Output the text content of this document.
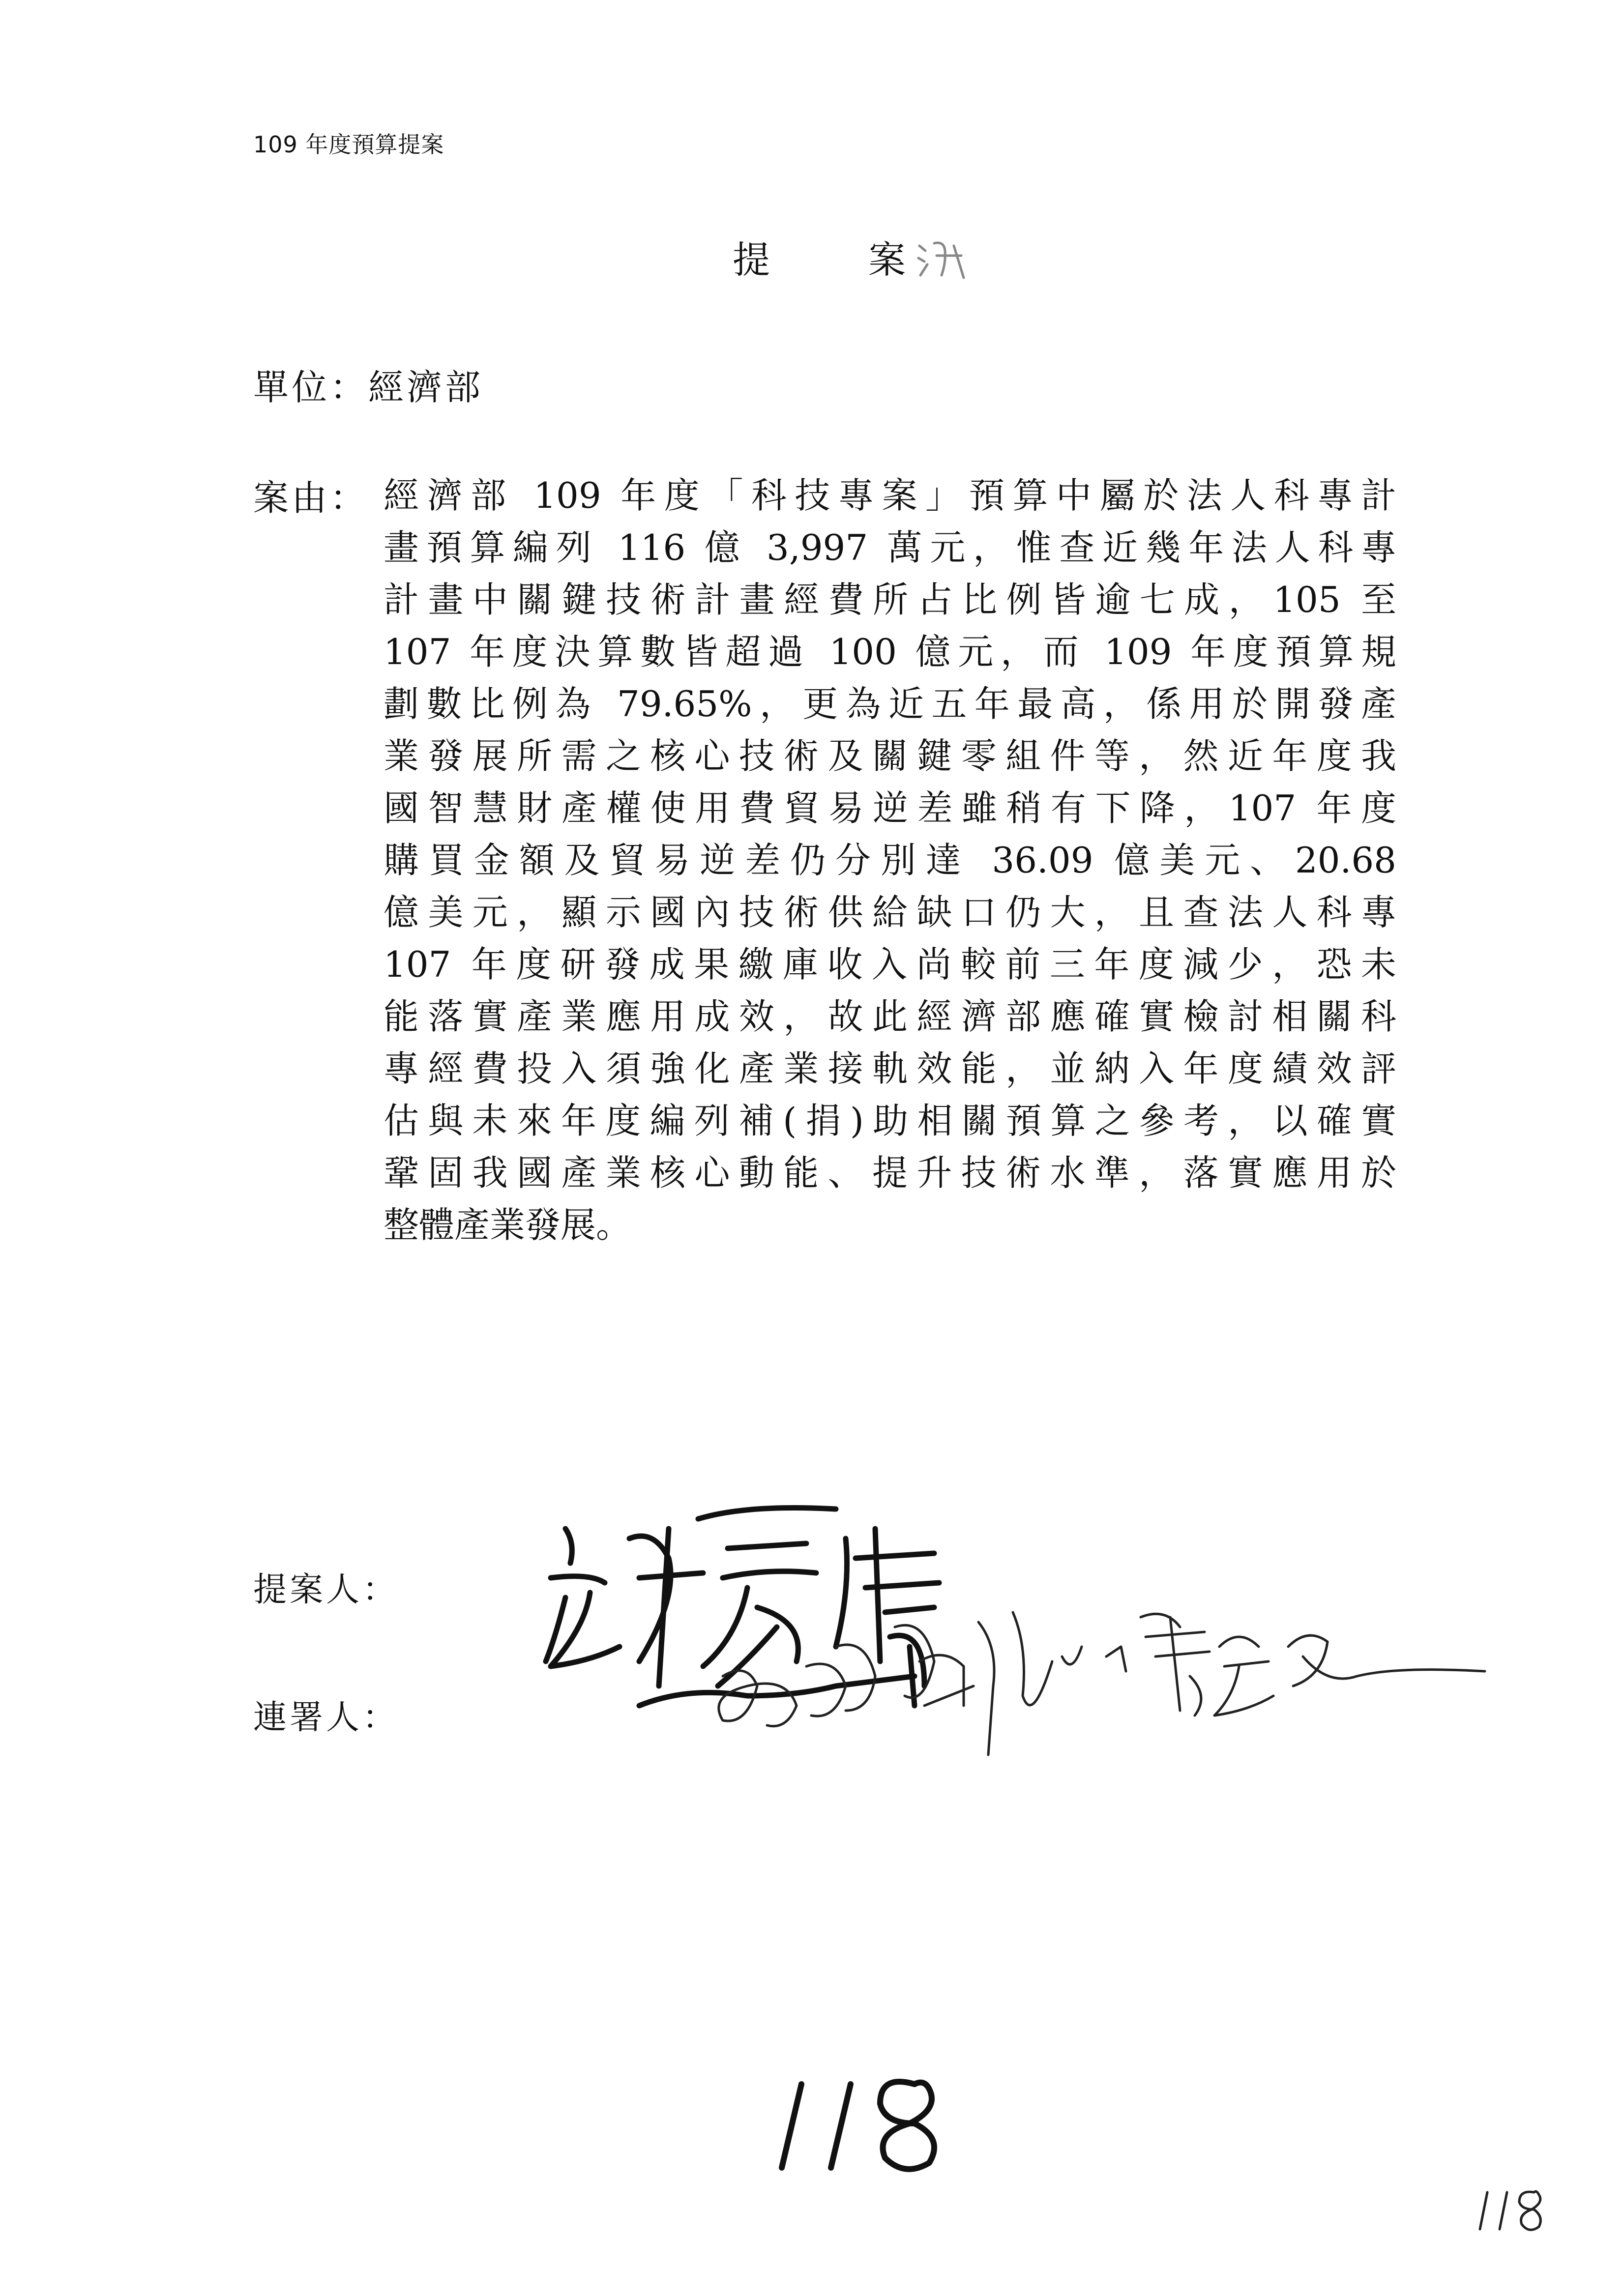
109 年度預算提案
提	案
單位：經濟部
案由： 經濟部 109 年度「科技專案」預算中屬於法人科專計
畫預算編列 116 億 3,997 萬元，惟查近幾年法人科專
計畫中關鍵技術計畫經費所占比例皆逾七成，105 至
107 年度決算數皆超過 100 億元，而 109 年度預算規
劃數比例為 79.65%，更為近五年最高，係用於開發產
業發展所需之核心技術及關鍵零組件等，然近年度我
國智慧財產權使用費貿易逆差雖稍有下降，107 年度
購買金額及貿易逆差仍分別達 36.09 億美元、20.68
億美元，顯示國內技術供給缺口仍大，且查法人科專
107 年度研發成果繳庫收入尚較前三年度減少，恐未
能落實產業應用成效，故此經濟部應確實檢討相關科
專經費投入須強化產業接軌效能，並納入年度績效評
估與未來年度編列補(捐)助相關預算之參考，以確實
鞏固我國產業核心動能、提升技術水準，落實應用於
整體產業發展。
提案人：
連署人：
